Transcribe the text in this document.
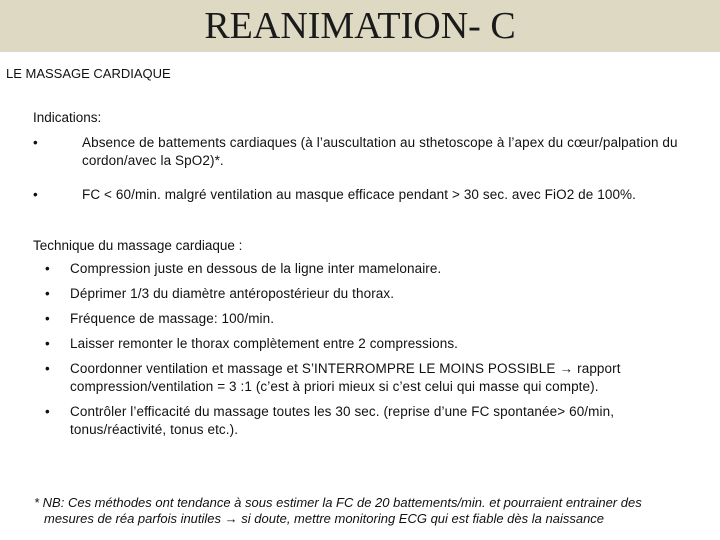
REANIMATION- C
LE MASSAGE CARDIAQUE
Indications:
•	Absence de battements cardiaques (à l’auscultation au sthetoscope à l’apex du cœur/palpation du cordon/avec la SpO2)*.
•	FC < 60/min. malgré ventilation au masque efficace pendant > 30 sec. avec FiO2 de 100%.
Technique du massage cardiaque :
• Compression juste en dessous de la ligne inter mamelonaire.
• Déprimer 1/3 du diamètre antéropostérieur du thorax.
• Fréquence de massage: 100/min.
• Laisser remonter le thorax complètement entre 2 compressions.
• Coordonner ventilation et massage et S’INTERROMPRE LE MOINS POSSIBLE → rapport compression/ventilation = 3 :1 (c’est à priori mieux si c’est celui qui masse qui compte).
• Contrôler l’efficacité du massage toutes les 30 sec. (reprise d’une FC spontanée> 60/min, tonus/réactivité, tonus etc.).
* NB: Ces méthodes ont tendance à sous estimer la FC de 20 battements/min. et pourraient entrainer des
mesures de réa parfois inutiles → si doute, mettre monitoring ECG qui est fiable dès la naissance
